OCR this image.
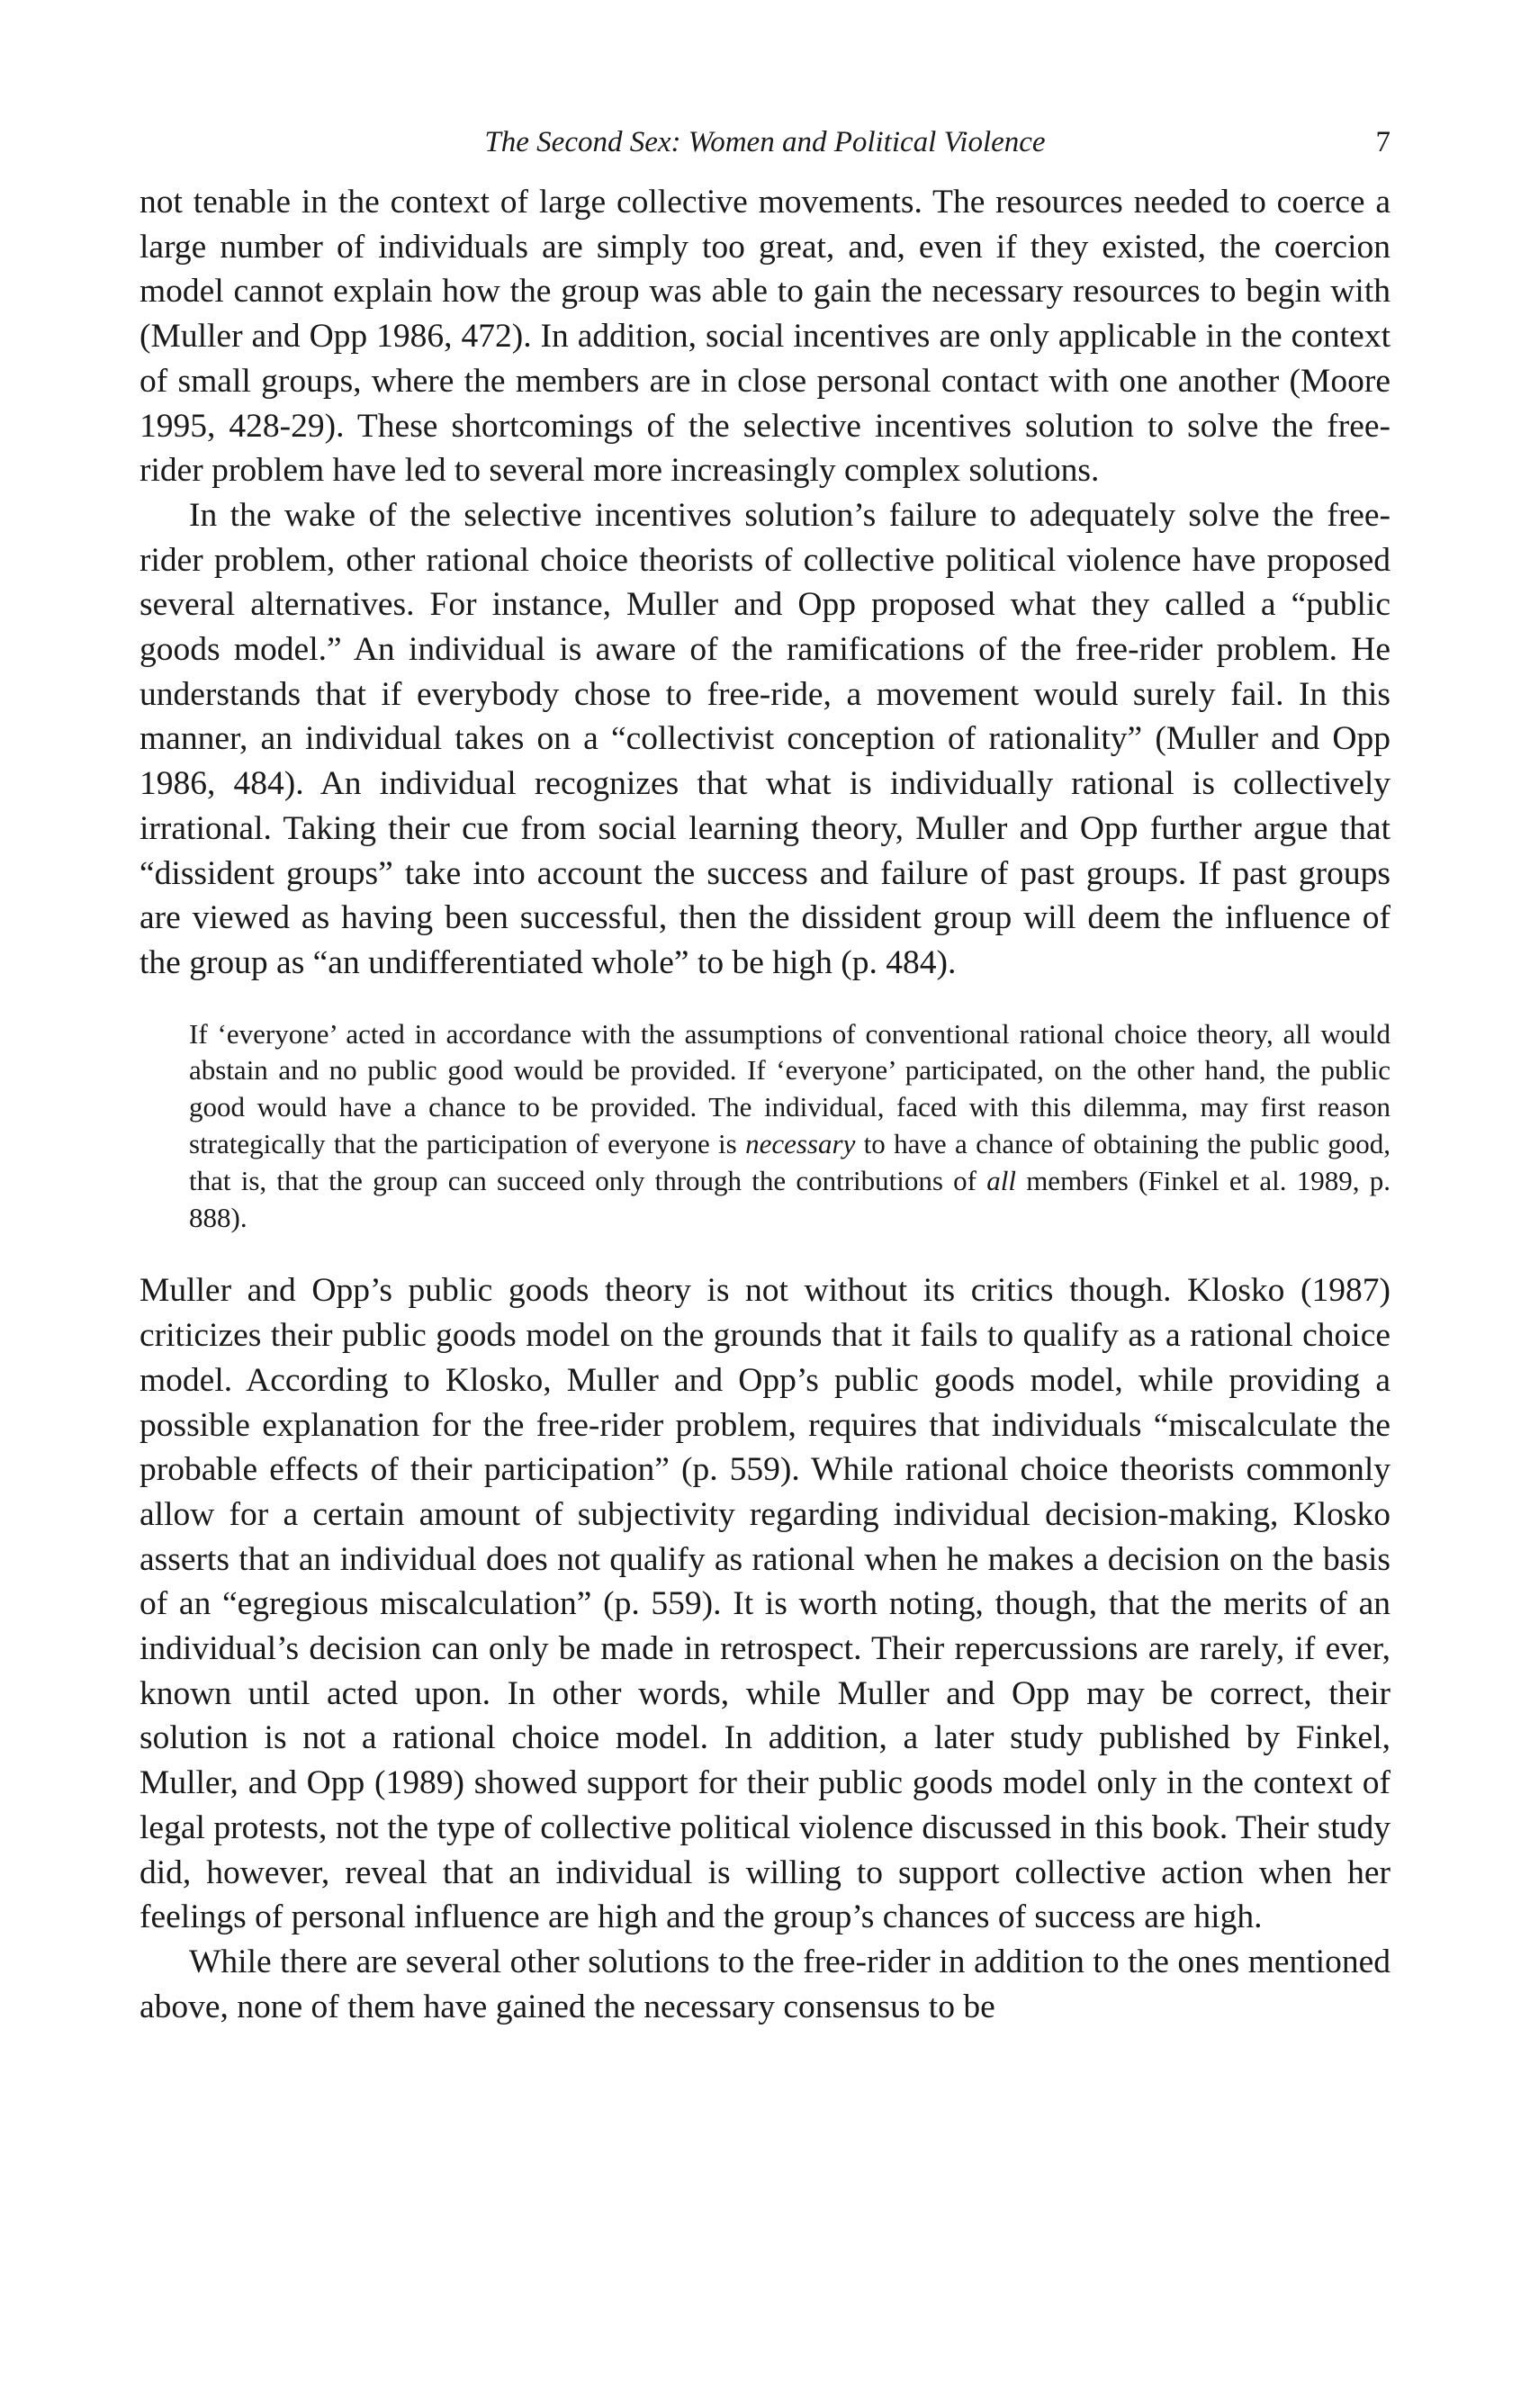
The Second Sex: Women and Political Violence	7

not tenable in the context of large collective movements. The resources needed to coerce a large number of individuals are simply too great, and, even if they existed, the coercion model cannot explain how the group was able to gain the necessary resources to begin with (Muller and Opp 1986, 472). In addition, social incentives are only applicable in the context of small groups, where the members are in close personal contact with one another (Moore 1995, 428-29). These shortcomings of the selective incentives solution to solve the free-rider problem have led to several more increasingly complex solutions.

In the wake of the selective incentives solution’s failure to adequately solve the free-rider problem, other rational choice theorists of collective political violence have proposed several alternatives. For instance, Muller and Opp proposed what they called a “public goods model.” An individual is aware of the ramifications of the free-rider problem. He understands that if everybody chose to free-ride, a movement would surely fail. In this manner, an individual takes on a “collectivist conception of rationality” (Muller and Opp 1986, 484). An individual recognizes that what is individually rational is collectively irrational. Taking their cue from social learning theory, Muller and Opp further argue that “dissident groups” take into account the success and failure of past groups. If past groups are viewed as having been successful, then the dissident group will deem the influence of the group as “an undifferentiated whole” to be high (p. 484).

If ‘everyone’ acted in accordance with the assumptions of conventional rational choice theory, all would abstain and no public good would be provided. If ‘everyone’ participated, on the other hand, the public good would have a chance to be provided. The individual, faced with this dilemma, may first reason strategically that the participation of everyone is necessary to have a chance of obtaining the public good, that is, that the group can succeed only through the contributions of all members (Finkel et al. 1989, p. 888).

Muller and Opp’s public goods theory is not without its critics though. Klosko (1987) criticizes their public goods model on the grounds that it fails to qualify as a rational choice model. According to Klosko, Muller and Opp’s public goods model, while providing a possible explanation for the free-rider problem, requires that individuals “miscalculate the probable effects of their participation” (p. 559). While rational choice theorists commonly allow for a certain amount of subjectivity regarding individual decision-making, Klosko asserts that an individual does not qualify as rational when he makes a decision on the basis of an “egregious miscalculation” (p. 559). It is worth noting, though, that the merits of an individual’s decision can only be made in retrospect. Their repercussions are rarely, if ever, known until acted upon. In other words, while Muller and Opp may be correct, their solution is not a rational choice model. In addition, a later study published by Finkel, Muller, and Opp (1989) showed support for their public goods model only in the context of legal protests, not the type of collective political violence discussed in this book. Their study did, however, reveal that an individual is willing to support collective action when her feelings of personal influence are high and the group’s chances of success are high.

While there are several other solutions to the free-rider in addition to the ones mentioned above, none of them have gained the necessary consensus to be
